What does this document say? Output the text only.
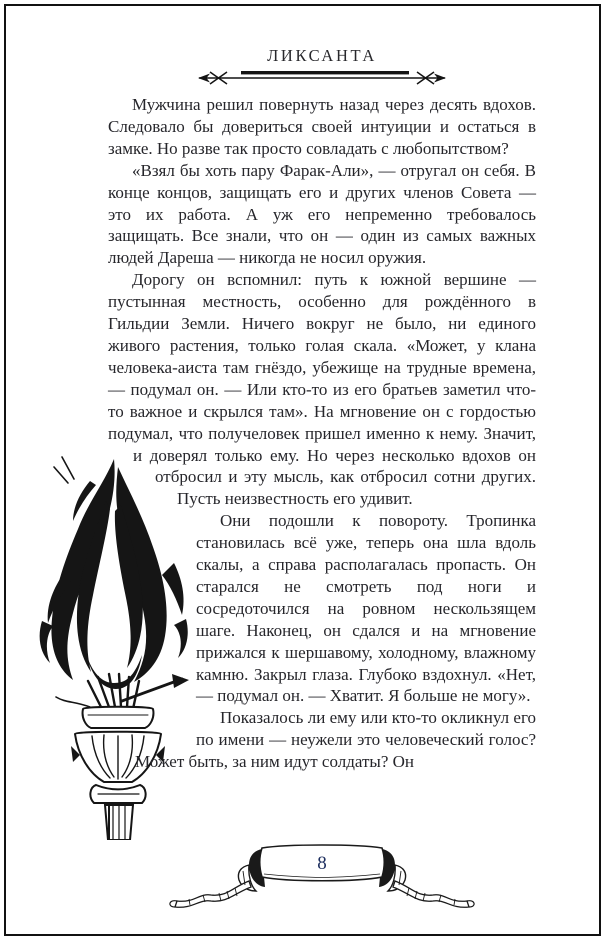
ЛИКСАНТА

Мужчина решил повернуть назад через десять вдохов. Следовало бы довериться своей интуиции и остаться в замке. Но разве так просто совладать с любопытством?

«Взял бы хоть пару Фарак-Али», — отругал он себя. В конце концов, защищать его и других членов Совета — это их работа. А уж его непременно требовалось защищать. Все знали, что он — один из самых важных людей Дареша — никогда не носил оружия.

Дорогу он вспомнил: путь к южной вершине — пустынная местность, особенно для рождённого в Гильдии Земли. Ничего вокруг не было, ни единого живого растения, только голая скала. «Может, у клана человека-аиста там гнёздо, убежище на трудные времена, — подумал он. — Или кто-то из его братьев заметил что-то важное и скрылся там». На мгновение он с гордостью подумал, что получеловек пришел именно к нему. Значит, и доверял только ему. Но через несколько вдохов он отбросил и эту мысль, как отбросил сотни других. Пусть неизвестность его удивит.

Они подошли к повороту. Тропинка становилась всё уже, теперь она шла вдоль скалы, а справа располагалась пропасть. Он старался не смотреть под ноги и сосредоточился на ровном нескользящем шаге. Наконец, он сдался и на мгновение прижался к шершавому, холодному, влажному камню. Закрыл глаза. Глубоко вздохнул. «Нет, — подумал он. — Хватит. Я больше не могу».

Показалось ли ему или кто-то окликнул его по имени — неужели это человеческий голос? Может быть, за ним идут солдаты? Он

8
